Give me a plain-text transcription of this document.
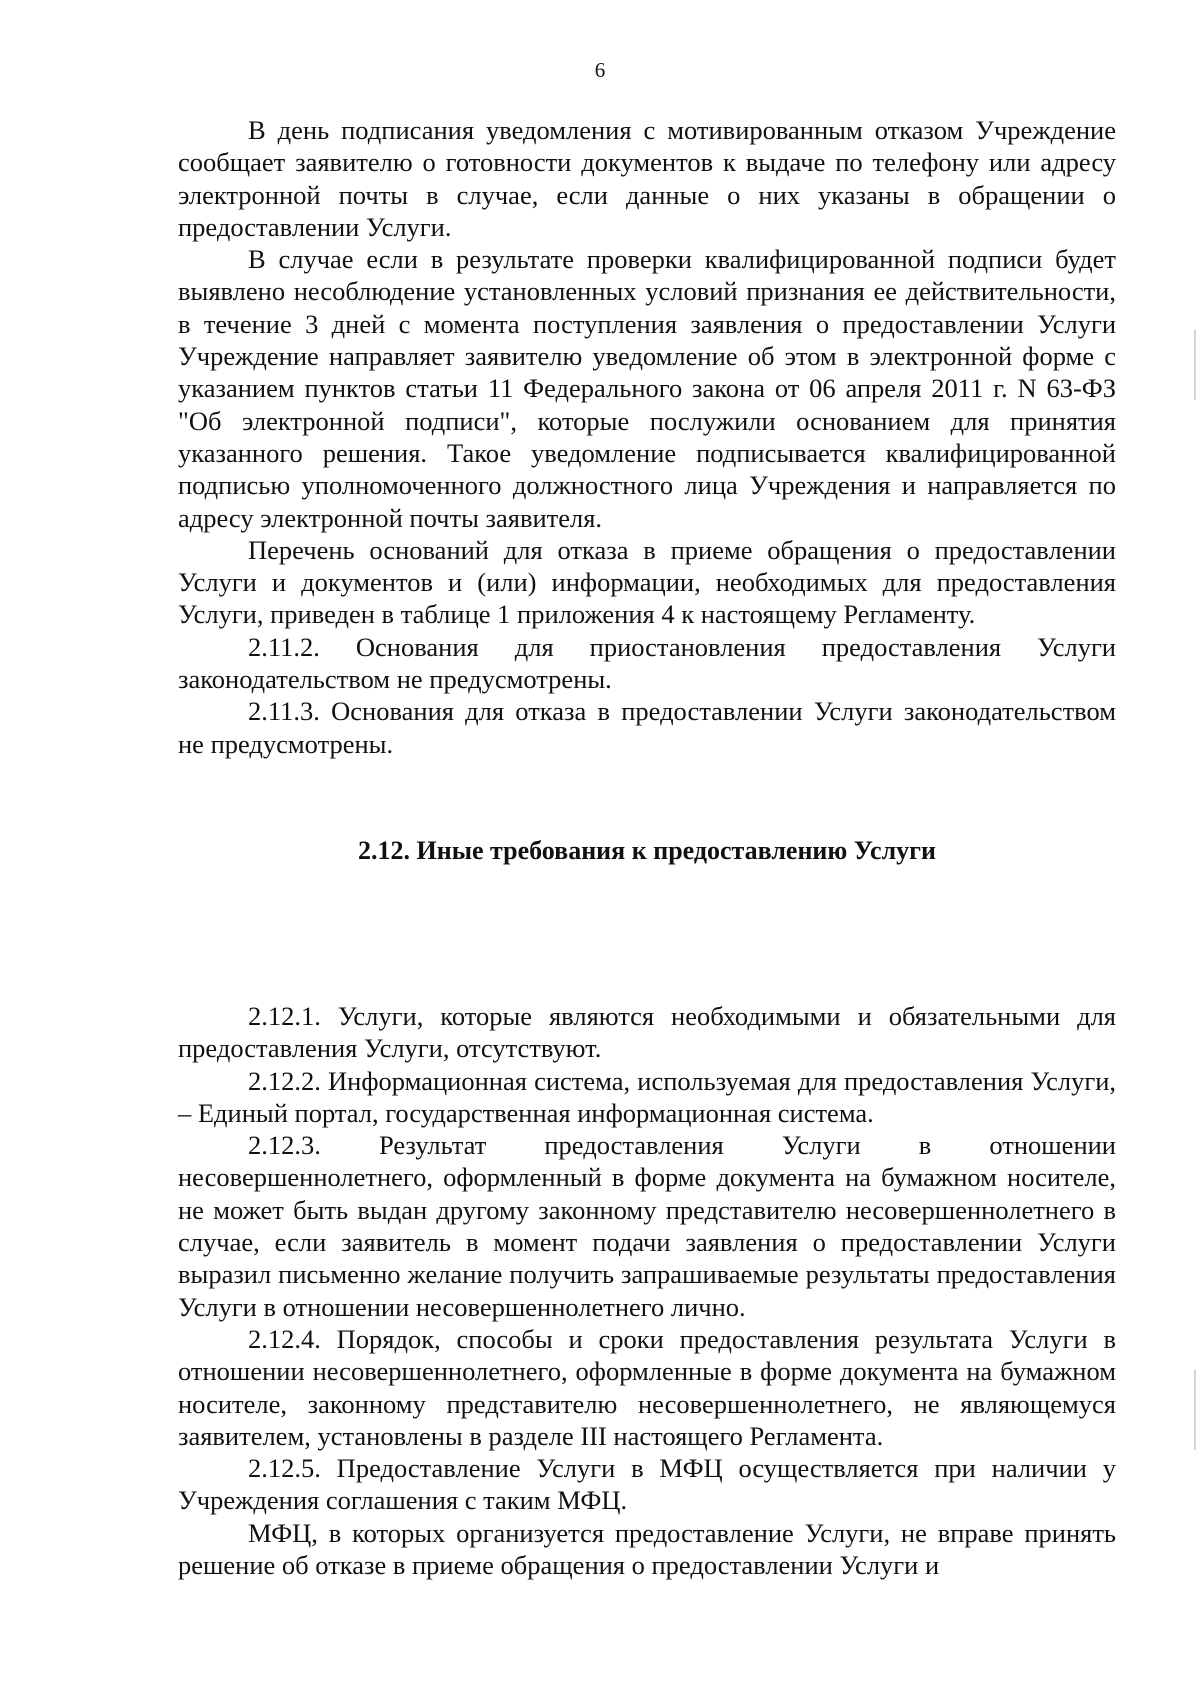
6

В день подписания уведомления с мотивированным отказом Учреждение сообщает заявителю о готовности документов к выдаче по телефону или адресу электронной почты в случае, если данные о них указаны в обращении о предоставлении Услуги.

В случае если в результате проверки квалифицированной подписи будет выявлено несоблюдение установленных условий признания ее действительности, в течение 3 дней с момента поступления заявления о предоставлении Услуги Учреждение направляет заявителю уведомление об этом в электронной форме с указанием пунктов статьи 11 Федерального закона от 06 апреля 2011 г. N 63-ФЗ "Об электронной подписи", которые послужили основанием для принятия указанного решения. Такое уведомление подписывается квалифицированной подписью уполномоченного должностного лица Учреждения и направляется по адресу электронной почты заявителя.

Перечень оснований для отказа в приеме обращения о предоставлении Услуги и документов и (или) информации, необходимых для предоставления Услуги, приведен в таблице 1 приложения 4 к настоящему Регламенту.

2.11.2. Основания для приостановления предоставления Услуги законодательством не предусмотрены.

2.11.3. Основания для отказа в предоставлении Услуги законодательством не предусмотрены.

2.12. Иные требования к предоставлению Услуги

2.12.1. Услуги, которые являются необходимыми и обязательными для предоставления Услуги, отсутствуют.

2.12.2. Информационная система, используемая для предоставления Услуги, – Единый портал, государственная информационная система.

2.12.3. Результат предоставления Услуги в отношении несовершеннолетнего, оформленный в форме документа на бумажном носителе, не может быть выдан другому законному представителю несовершеннолетнего в случае, если заявитель в момент подачи заявления о предоставлении Услуги выразил письменно желание получить запрашиваемые результаты предоставления Услуги в отношении несовершеннолетнего лично.

2.12.4. Порядок, способы и сроки предоставления результата Услуги в отношении несовершеннолетнего, оформленные в форме документа на бумажном носителе, законному представителю несовершеннолетнего, не являющемуся заявителем, установлены в разделе III настоящего Регламента.

2.12.5. Предоставление Услуги в МФЦ осуществляется при наличии у Учреждения соглашения с таким МФЦ.

МФЦ, в которых организуется предоставление Услуги, не вправе принять решение об отказе в приеме обращения о предоставлении Услуги и
